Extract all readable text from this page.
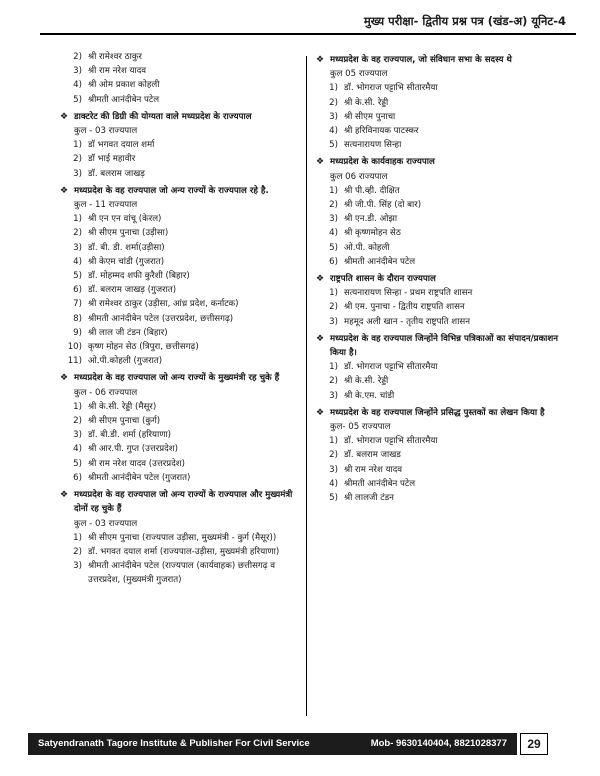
मुख्य परीक्षा- द्वितीय प्रश्न पत्र (खंड-अ) यूनिट-4
2) श्री रामेश्वर ठाकुर
3) श्री राम नरेश यादव
4) श्री ओम प्रकाश कोहली
5) श्रीमती आनंदीबेन पटेल
❖ डाक्टरेट की डिग्री की योग्यता वाले मध्यप्रदेश के राज्यपाल
कुल - 03 राज्यपाल
1) डॉ भगवत दयाल शर्मा
2) डॉ भाई महावीर
3) डॉ. बलराम जाखड़
❖ मध्यप्रदेश के वह राज्यपाल जो अन्य राज्यों के राज्यपाल रहे है.
कुल - 11 राज्यपाल
1) श्री एन एन वांचू (केरल)
2) श्री सीएम पुनाचा (उड़ीसा)
3) डॉ. बी. डी. शर्मा(उड़ीसा)
4) श्री केएम चांडी (गुजरात)
5) डॉ. मोहम्मद शफी कुरैशी (बिहार)
6) डॉ. बलराम जाखड़ (गुजरात)
7) श्री रामेश्वर ठाकुर (उड़ीसा, आंध्र प्रदेश, कर्नाटक)
8) श्रीमती आनंदीबेन पटेल (उत्तरप्रदेश, छत्तीसगढ़)
9) श्री लाल जी टंडन (बिहार)
10) कृष्ण मोहन सेठ (त्रिपुरा, छत्तीसगढ़)
11) ओ.पी.कोहली (गुजरात)
❖ मध्यप्रदेश के वह राज्यपाल जो अन्य राज्यों के मुख्यमंत्री रह चुके हैं
कुल - 06 राज्यपाल
1) श्री के.सी. रेड्डी (मैसूर)
2) श्री सीएम पुनाचा (कुर्ग)
3) डॉ. बी.डी. शर्मा (हरियाणा)
4) श्री आर.पी. गुप्त (उत्तरप्रदेश)
5) श्री राम नरेश यादव (उत्तरप्रदेश)
6) श्रीमती आनंदीबेन पटेल (गुजरात)
❖ मध्यप्रदेश के वह राज्यपाल जो अन्य राज्यों के राज्यपाल और मुख्यमंत्री दोनों रह चुके हैं
कुल - 03 राज्यपाल
1) श्री सीएम पुनाचा (राज्यपाल उड़ीसा, मुख्यमंत्री - कुर्ग (मैसूर))
2) डॉ. भगवत दयाल शर्मा (राज्यपाल-उड़ीसा, मुख्यमंत्री हरियाणा)
3) श्रीमती आनंदीबेन पटेल (राज्यपाल (कार्यवाहक) छत्तीसगढ़ व उत्तरप्रदेश, (मुख्यमंत्री गुजरात)
❖ मध्यप्रदेश के वह राज्यपाल, जो संविधान सभा के सदस्य थे
कुल 05 राज्यपाल
1) डॉ. भोगराज पट्टाभि सीतारमैया
2) श्री के.सी. रेड्डी
3) श्री सीएम पुनाचा
4) श्री हरिविनायक पाटस्कर
5) सत्यनारायण सिन्हा
❖ मध्यप्रदेश के कार्यवाहक राज्यपाल
कुल 06 राज्यपाल
1) श्री पी.व्ही. दीक्षित
2) श्री जी.पी. सिंह (दो बार)
3) श्री एन.डी. ओझा
4) श्री कृष्णमोहन सेठ
5) ओ.पी. कोहली
6) श्रीमती आनंदीबेन पटेल
❖ राष्ट्रपति शासन के दौरान राज्यपाल
1) सत्यनारायण सिन्हा - प्रथम राष्ट्रपति शासन
2) श्री एम. पुनाचा - द्वितीय राष्ट्रपति शासन
3) महमूद अली खान - तृतीय राष्ट्रपति शासन
❖ मध्यप्रदेश के वह राज्यपाल जिन्होंने विभिन्न पत्रिकाओं का संपादन/प्रकाशन किया है।
1) डॉ. भोगराज पट्टाभि सीतारमैया
2) श्री के.सी. रेड्डी
3) श्री के.एम. चांडी
❖ मध्यप्रदेश के वह राज्यपाल जिन्होंने प्रसिद्ध पुस्तकों का लेखन किया है
कुल- 05 राज्यपाल
1) डॉ. भोगराज पट्टाभि सीतारमैया
2) डॉ. बलराम जाखड
3) श्री राम नरेश यादव
4) श्रीमती आनंदीबेन पटेल
5) श्री लालजी टंडन
Satyendranath Tagore Institute & Publisher For Civil Service	Mob- 9630140404, 8821028377	29
